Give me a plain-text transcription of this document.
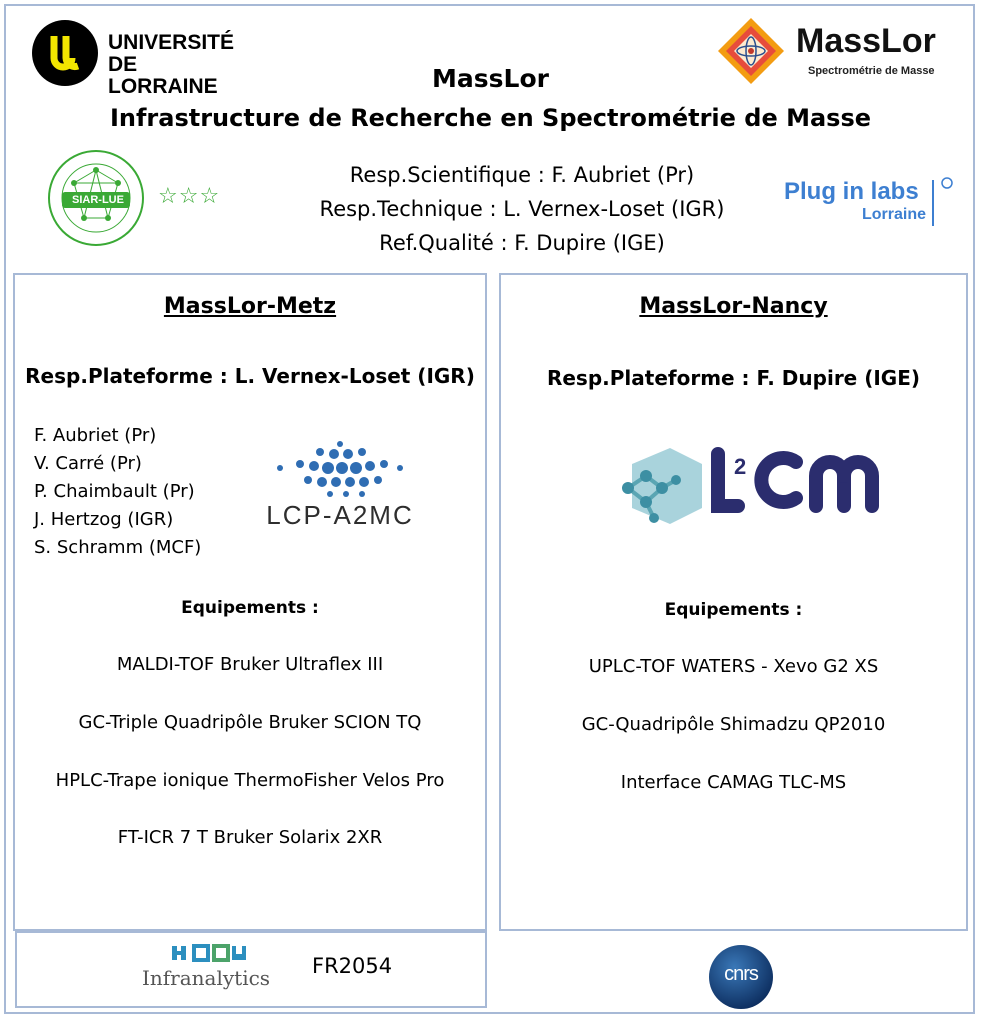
UNIVERSITÉ
DE LORRAINE
MassLor
Spectrométrie de Masse
MassLor
Infrastructure de Recherche en Spectrométrie de Masse
SIAR-LUE ☆☆☆
Resp.Scientifique : F. Aubriet (Pr)
Resp.Technique : L. Vernex-Loset (IGR)
Ref.Qualité : F. Dupire (IGE)
Plug in labs
Lorraine
MassLor-Metz
Resp.Plateforme : L. Vernex-Loset (IGR)
F. Aubriet (Pr)
V. Carré (Pr)
P. Chaimbault (Pr)
J. Hertzog (IGR)
S. Schramm (MCF)
LCP-A2MC
Equipements :
MALDI-TOF Bruker Ultraflex III
GC-Triple Quadripôle Bruker SCION TQ
HPLC-Trape ionique ThermoFisher Velos Pro
FT-ICR 7 T Bruker Solarix 2XR
MassLor-Nancy
Resp.Plateforme : F. Dupire (IGE)
2
Equipements :
UPLC-TOF WATERS - Xevo G2 XS
GC-Quadripôle Shimadzu QP2010
Interface CAMAG TLC-MS
Infranalytics FR2054	cnrs
